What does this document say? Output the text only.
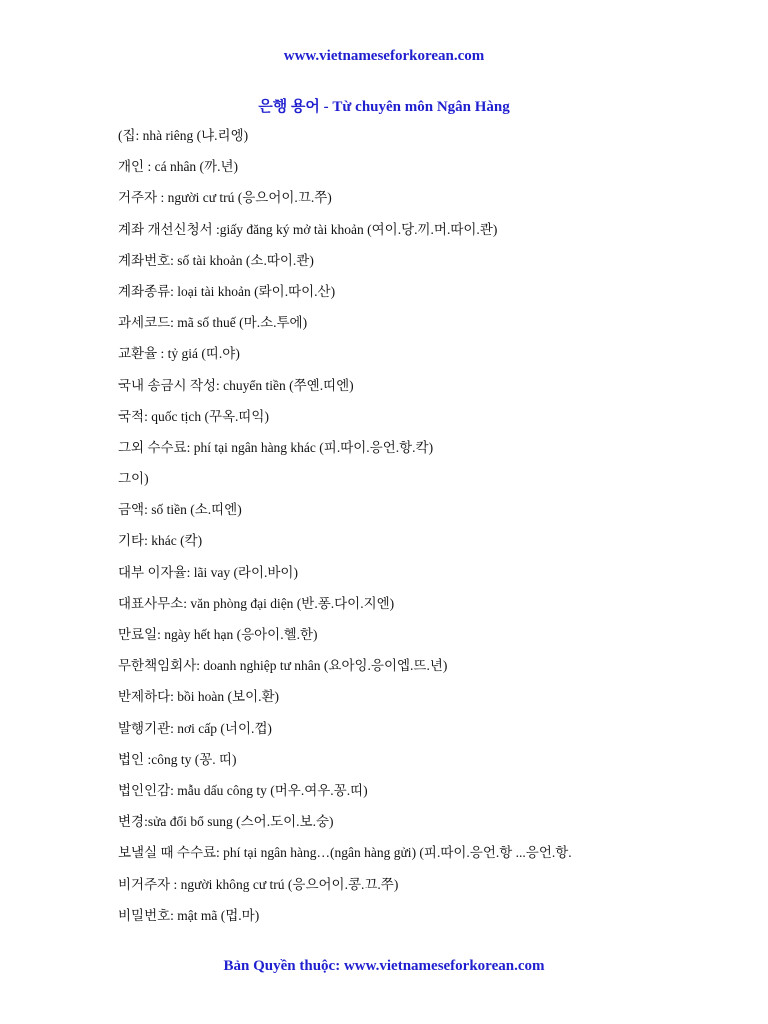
www.vietnameseforkorean.com
은행 용어 - Từ chuyên môn Ngân Hàng
(집: nhà riêng (냐.리엥)
개인 : cá nhân (까.년)
거주자 : người cư trú (응으어이.끄.쭈)
계좌 개선신청서 :giấy đăng ký mở tài khoản (여이.당.끼.머.따이.콴)
계좌번호: số tài khoản (소.따이.콴)
계좌종류: loại tài khoản (롸이.따이.산)
과세코드: mã số thuế (마.소.투에)
교환율 : tỷ giá (띠.야)
국내 송금시 작성: chuyển tiền (쭈옌.띠엔)
국적: quốc tịch (꾸옥.띠익)
그외 수수료: phí tại ngân hàng khác (피.따이.응언.항.칵)
그이)
금액: số tiền (소.띠엔)
기타: khác (칵)
대부 이자율: lãi vay (라이.바이)
대표사무소: văn phòng đại diện (반.퐁.다이.지엔)
만료일: ngày hết hạn (응아이.헬.한)
무한책임회사: doanh nghiệp tư nhân (요아잉.응이엡.뜨.년)
반제하다: bồi hoàn (보이.환)
발행기관: nơi cấp (너이.껍)
법인 :công ty (꽁. 띠)
법인인감: mẫu dấu công ty (머우.여우.꽁.띠)
변경:sửa đổi bổ sung (스어.도이.보.숭)
보낼실 때 수수료: phí tại ngân hàng…(ngân hàng gửi) (피.따이.응언.항 ...응언.항.
비거주자 : người không cư trú (응으어이.콩.끄.쭈)
비밀번호: mật mã (멉.마)
Bản Quyền thuộc: www.vietnameseforkorean.com
